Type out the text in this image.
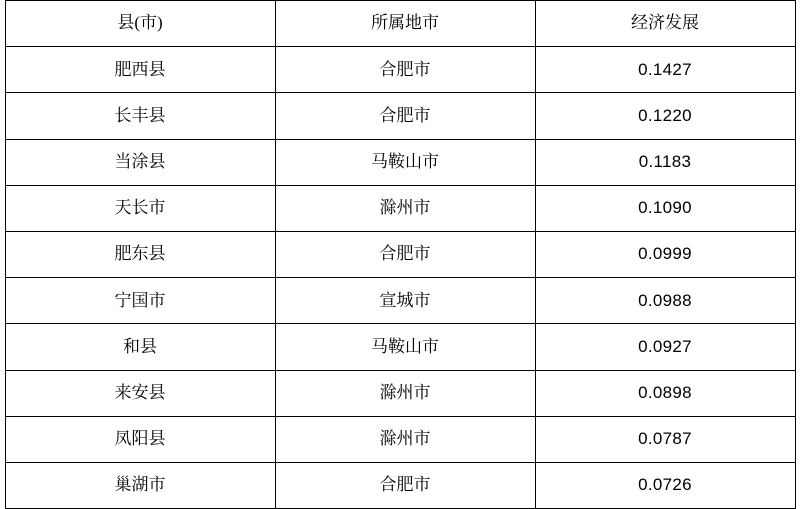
县(市)	所属地市	经济发展
肥西县	合肥市	0.1427
长丰县	合肥市	0.1220
当涂县	马鞍山市	0.1183
天长市	滁州市	0.1090
肥东县	合肥市	0.0999
宁国市	宣城市	0.0988
和县	马鞍山市	0.0927
来安县	滁州市	0.0898
凤阳县	滁州市	0.0787
巢湖市	合肥市	0.0726
